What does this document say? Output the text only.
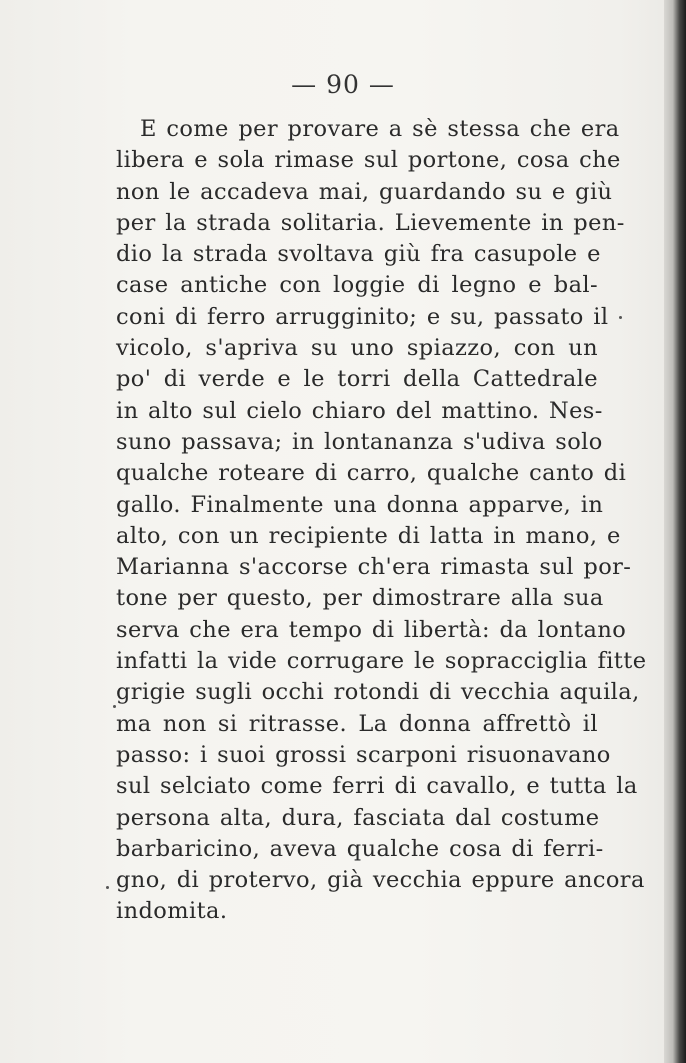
— 90 —
E come per provare a sè stessa che era
libera e sola rimase sul portone, cosa che
non le accadeva mai, guardando su e giù
per la strada solitaria. Lievemente in pen-
dio la strada svoltava giù fra casupole e
case antiche con loggie di legno e bal-
coni di ferro arrugginito; e su, passato il
vicolo, s'apriva su uno spiazzo, con un
po' di verde e le torri della Cattedrale
in alto sul cielo chiaro del mattino. Nes-
suno passava; in lontananza s'udiva solo
qualche roteare di carro, qualche canto di
gallo. Finalmente una donna apparve, in
alto, con un recipiente di latta in mano, e
Marianna s'accorse ch'era rimasta sul por-
tone per questo, per dimostrare alla sua
serva che era tempo di libertà: da lontano
infatti la vide corrugare le sopracciglia fitte
grigie sugli occhi rotondi di vecchia aquila,
ma non si ritrasse. La donna affrettò il
passo: i suoi grossi scarponi risuonavano
sul selciato come ferri di cavallo, e tutta la
persona alta, dura, fasciata dal costume
barbaricino, aveva qualche cosa di ferri-
gno, di protervo, già vecchia eppure ancora
indomita.
